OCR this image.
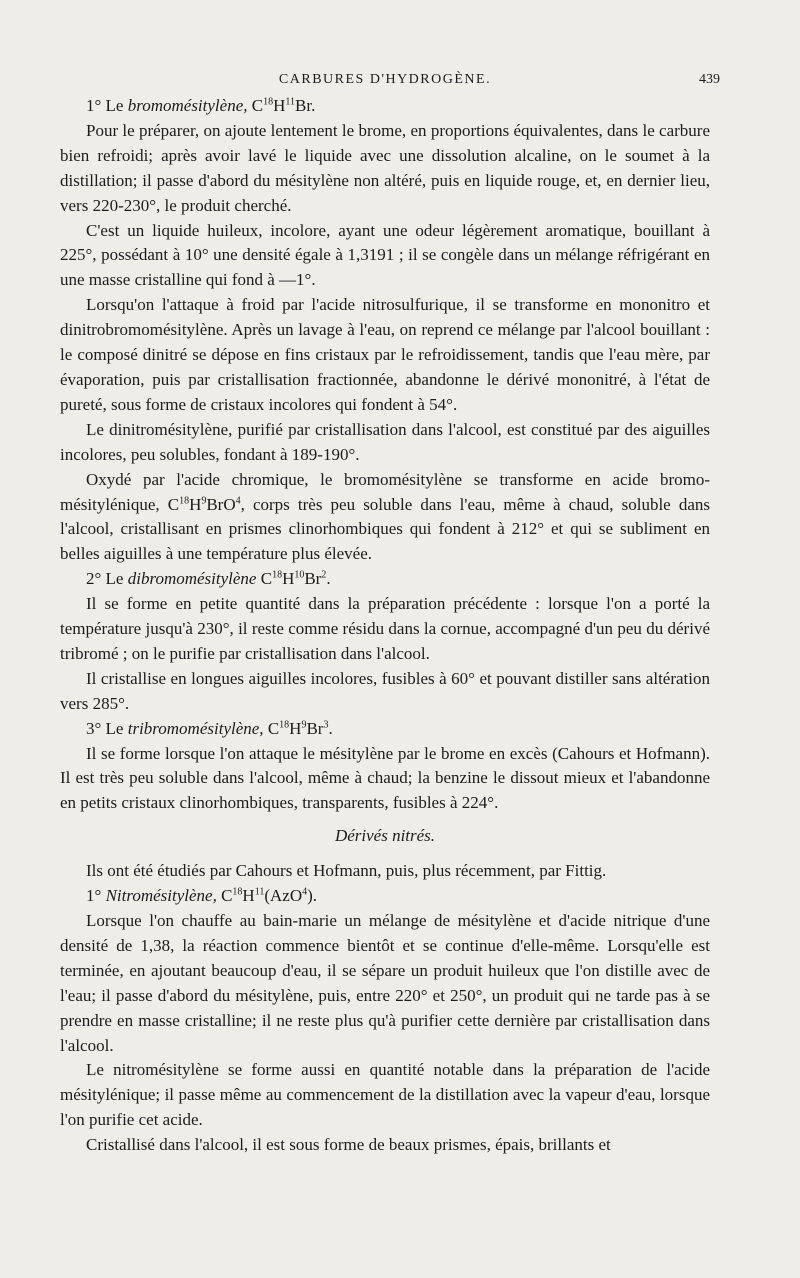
CARBURES D'HYDROGÈNE.	439

1° Le bromomésitylène, $C^{18}H^{11}Br$.

Pour le préparer, on ajoute lentement le brome, en proportions équivalentes, dans le carbure bien refroidi; après avoir lavé le liquide avec une dissolution alcaline, on le soumet à la distillation; il passe d'abord du mésitylène non altéré, puis en liquide rouge, et, en dernier lieu, vers 220-230°, le produit cherché.

C'est un liquide huileux, incolore, ayant une odeur légèrement aromatique, bouillant à 225°, possédant à 10° une densité égale à 1,3191 ; il se congèle dans un mélange réfrigérant en une masse cristalline qui fond à —1°.

Lorsqu'on l'attaque à froid par l'acide nitrosulfurique, il se transforme en mononitro et dinitrobromomésitylène. Après un lavage à l'eau, on reprend ce mélange par l'alcool bouillant : le composé dinitré se dépose en fins cristaux par le refroidissement, tandis que l'eau mère, par évaporation, puis par cristallisation fractionnée, abandonne le dérivé mononitré, à l'état de pureté, sous forme de cristaux incolores qui fondent à 54°.

Le dinitromésitylène, purifié par cristallisation dans l'alcool, est constitué par des aiguilles incolores, peu solubles, fondant à 189-190°.

Oxydé par l'acide chromique, le bromomésitylène se transforme en acide bromo-mésitylénique, $C^{18}H^9BrO^4$, corps très peu soluble dans l'eau, même à chaud, soluble dans l'alcool, cristallisant en prismes clinorhombiques qui fondent à 212° et qui se subliment en belles aiguilles à une température plus élevée.

2° Le dibromomésitylène $C^{18}H^{10}Br^2$.

Il se forme en petite quantité dans la préparation précédente : lorsque l'on a porté la température jusqu'à 230°, il reste comme résidu dans la cornue, accompagné d'un peu du dérivé tribromé ; on le purifie par cristallisation dans l'alcool.

Il cristallise en longues aiguilles incolores, fusibles à 60° et pouvant distiller sans altération vers 285°.

3° Le tribromomésitylène, $C^{18}H^9Br^3$.

Il se forme lorsque l'on attaque le mésitylène par le brome en excès (Cahours et Hofmann). Il est très peu soluble dans l'alcool, même à chaud; la benzine le dissout mieux et l'abandonne en petits cristaux clinorhombiques, transparents, fusibles à 224°.

Dérivés nitrés.

Ils ont été étudiés par Cahours et Hofmann, puis, plus récemment, par Fittig.

1° Nitromésitylène, $C^{18}H^{11}(AzO^4)$.

Lorsque l'on chauffe au bain-marie un mélange de mésitylène et d'acide nitrique d'une densité de 1,38, la réaction commence bientôt et se continue d'elle-même. Lorsqu'elle est terminée, en ajoutant beaucoup d'eau, il se sépare un produit huileux que l'on distille avec de l'eau; il passe d'abord du mésitylène, puis, entre 220° et 250°, un produit qui ne tarde pas à se prendre en masse cristalline; il ne reste plus qu'à purifier cette dernière par cristallisation dans l'alcool.

Le nitromésitylène se forme aussi en quantité notable dans la préparation de l'acide mésitylénique; il passe même au commencement de la distillation avec la vapeur d'eau, lorsque l'on purifie cet acide.

Cristallisé dans l'alcool, il est sous forme de beaux prismes, épais, brillants et
